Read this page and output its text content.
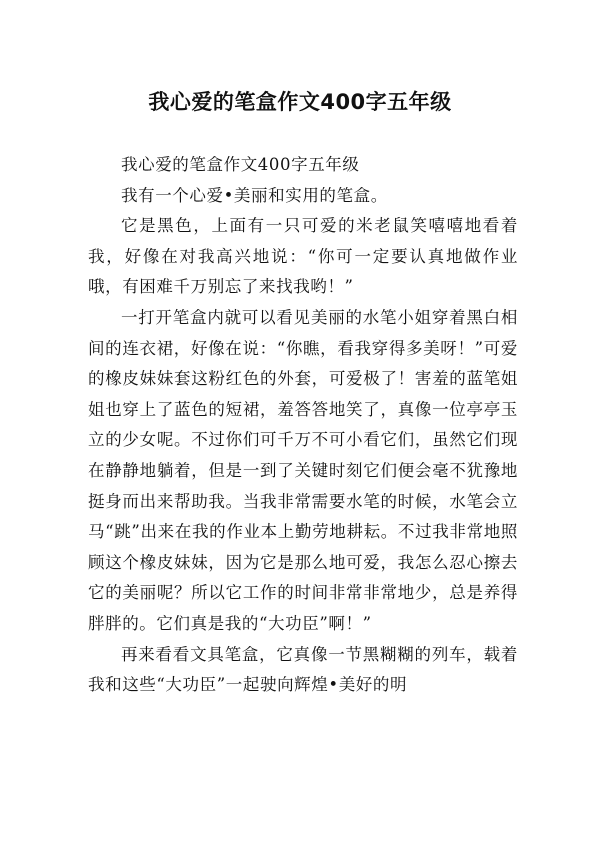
我心爱的笔盒作文400字五年级

我心爱的笔盒作文400字五年级

我有一个心爱•美丽和实用的笔盒。

它是黑色，上面有一只可爱的米老鼠笑嘻嘻地看着我，好像在对我高兴地说：“你可一定要认真地做作业哦，有困难千万别忘了来找我哟！”

一打开笔盒内就可以看见美丽的水笔小姐穿着黑白相间的连衣裙，好像在说：“你瞧，看我穿得多美呀！”可爱的橡皮妹妹套这粉红色的外套，可爱极了！害羞的蓝笔姐姐也穿上了蓝色的短裙，羞答答地笑了，真像一位亭亭玉立的少女呢。不过你们可千万不可小看它们，虽然它们现在静静地躺着，但是一到了关键时刻它们便会毫不犹豫地挺身而出来帮助我。当我非常需要水笔的时候，水笔会立马“跳”出来在我的作业本上勤劳地耕耘。不过我非常地照顾这个橡皮妹妹，因为它是那么地可爱，我怎么忍心擦去它的美丽呢？所以它工作的时间非常非常地少，总是养得胖胖的。它们真是我的“大功臣”啊！”

再来看看文具笔盒，它真像一节黑糊糊的列车，载着我和这些“大功臣”一起驶向辉煌•美好的明
